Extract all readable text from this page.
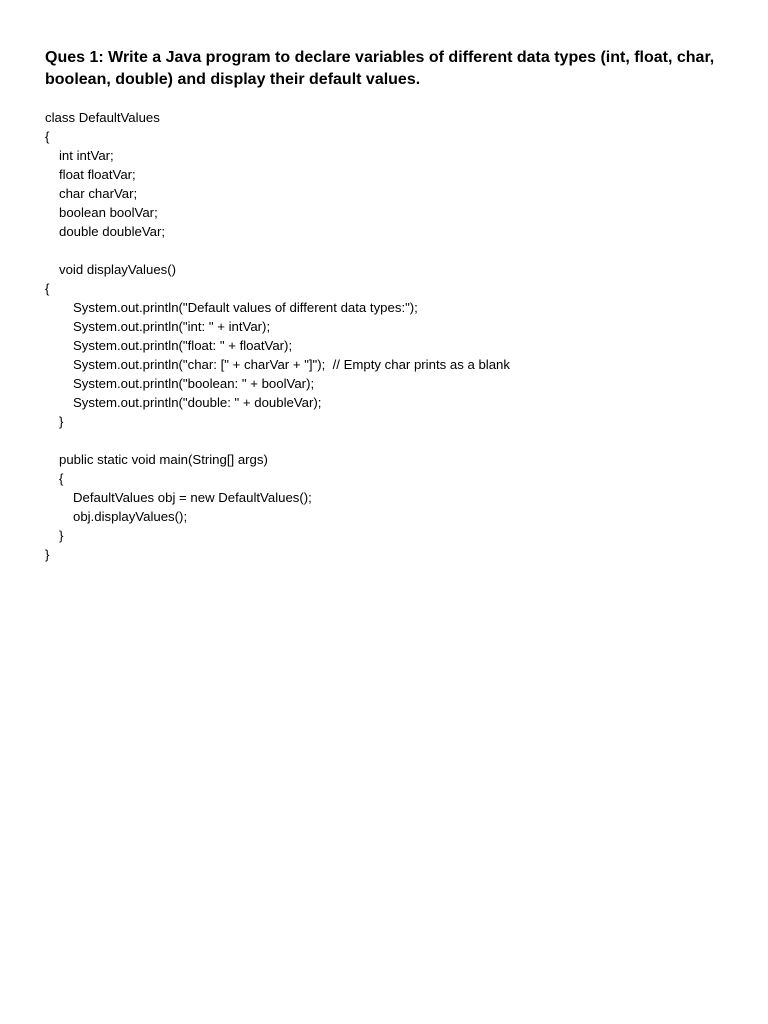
Ques 1: Write a Java program to declare variables of different data types (int, float, char, boolean, double) and display their default values.

class DefaultValues
{
int intVar;
float floatVar;
char charVar;
boolean boolVar;
double doubleVar;
void displayValues()
{
System.out.println("Default values of different data types:");
System.out.println("int: " + intVar);
System.out.println("float: " + floatVar);
System.out.println("char: [" + charVar + "]");  // Empty char prints as a blank
System.out.println("boolean: " + boolVar);
System.out.println("double: " + doubleVar);
}
public static void main(String[] args)
{
DefaultValues obj = new DefaultValues();
obj.displayValues();
}
}
